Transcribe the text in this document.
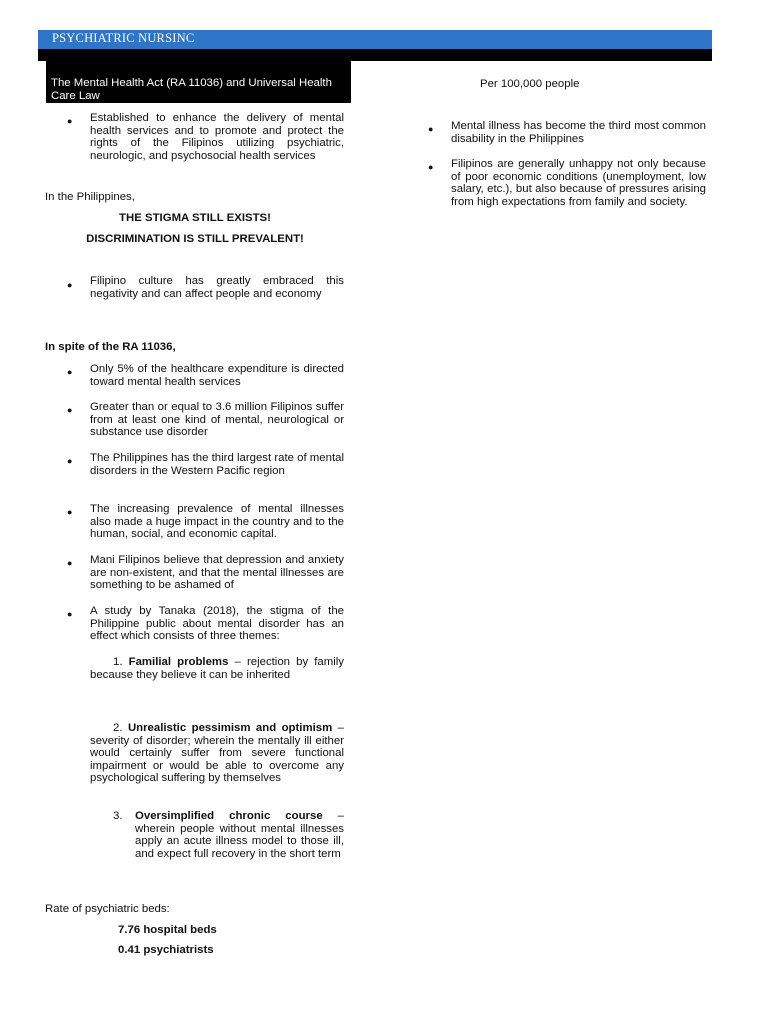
PSYCHIATRIC NURSINC
The Mental Health Act (RA 11036) and Universal Health Care Law
● Established to enhance the delivery of mental health services and to promote and protect the rights of the Filipinos utilizing psychiatric, neurologic, and psychosocial health services

In the Philippines,

THE STIGMA STILL EXISTS!

DISCRIMINATION IS STILL PREVALENT!

● Filipino culture has greatly embraced this negativity and can affect people and economy

In spite of the RA 11036,

● Only 5% of the healthcare expenditure is directed toward mental health services

● Greater than or equal to 3.6 million Filipinos suffer from at least one kind of mental, neurological or substance use disorder

● The Philippines has the third largest rate of mental disorders in the Western Pacific region

● The increasing prevalence of mental illnesses also made a huge impact in the country and to the human, social, and economic capital.

● Mani Filipinos believe that depression and anxiety are non-existent, and that the mental illnesses are something to be ashamed of

● A study by Tanaka (2018), the stigma of the Philippine public about mental disorder has an effect which consists of three themes:

1. Familial problems – rejection by family because they believe it can be inherited

2. Unrealistic pessimism and optimism – severity of disorder; wherein the mentally ill either would certainly suffer from severe functional impairment or would be able to overcome any psychological suffering by themselves

3. Oversimplified chronic course – wherein people without mental illnesses apply an acute illness model to those ill, and expect full recovery in the short term

Rate of psychiatric beds:

7.76 hospital beds

0.41 psychiatrists

Per 100,000 people

● Mental illness has become the third most common disability in the Philippines

● Filipinos are generally unhappy not only because of poor economic conditions (unemployment, low salary, etc.), but also because of pressures arising from high expectations from family and society.
